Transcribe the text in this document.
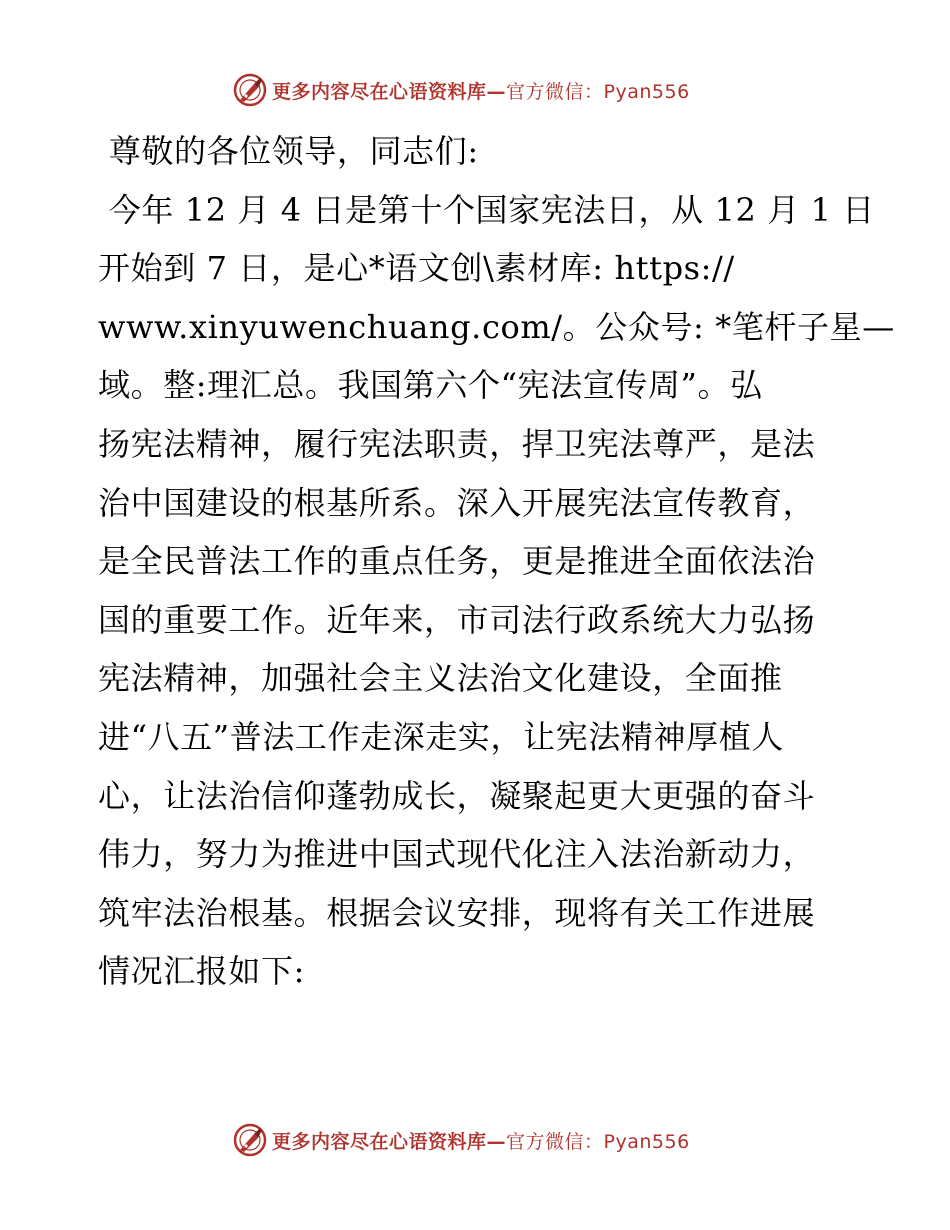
更多内容尽在心语资料库—官方微信：Pyan556
尊敬的各位领导，同志们:
今年 12 月 4 日是第十个国家宪法日，从 12 月 1 日
开始到 7 日，是心*语文创\素材库: https://
www.xinyuwenchuang.com/。公众号: *笔杆子星—
域。整:理汇总。我国第六个“宪法宣传周”。弘
扬宪法精神，履行宪法职责，捍卫宪法尊严，是法
治中国建设的根基所系。深入开展宪法宣传教育，
是全民普法工作的重点任务，更是推进全面依法治
国的重要工作。近年来，市司法行政系统大力弘扬
宪法精神，加强社会主义法治文化建设，全面推
进“八五”普法工作走深走实，让宪法精神厚植人
心，让法治信仰蓬勃成长，凝聚起更大更强的奋斗
伟力，努力为推进中国式现代化注入法治新动力，
筑牢法治根基。根据会议安排，现将有关工作进展
情况汇报如下:
更多内容尽在心语资料库—官方微信：Pyan556
